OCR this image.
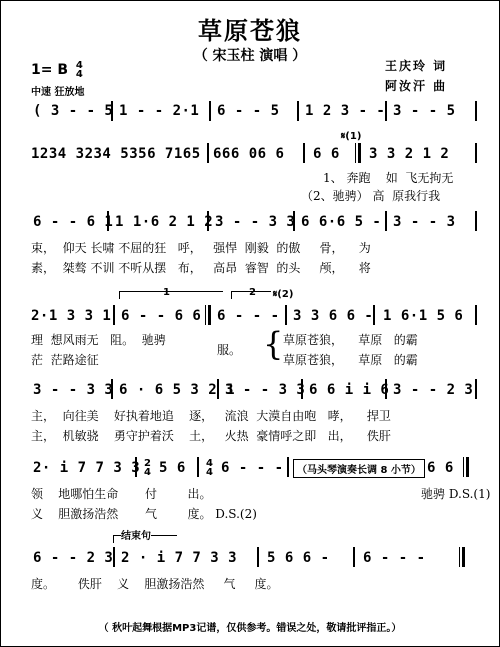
草原苍狼
（ 宋玉柱 演唱 ）
1= B 4
4
中速 狂放地
王庆玲 词
阿汝汗 曲
( 3 - - 5 1 - - 2·1 6 - - 5 1 2 3 - - 3 - - 5
𝄋(1)
1234 3234 5356 7165 666 06 6 6 6 3 3 2 1 2
1、 奔跑    如  飞无拘无
（2、驰骋） 高  原我行我
6 - - 6 1 1 1·6 2 1 2 3 - - 3 3 6 6·6 5 - 3 - - 3
束，  仰天 长啸 不屈的狂   呼，   强悍  刚毅  的傲     骨，    为
素，  桀骜 不训 不听从摆   布，   高昂  睿智  的头     颅，    将
1	2 𝄋(2)
2·1 3 3 1 6 - - 6 6 6 - - - 3 3 6 6 - 1 6·1 5 6
理  想风雨无   阻。  驰骋
茫  茫路途征
服。 { 草原苍狼，    草原   的霸
草原苍狼，    草原   的霸
3 - - 3 3 6 · 6 5 3 2 1
3 - - 3 3 6 6 i i 6 3 - - 2 3
主，  向往美    好执着地追    逐，   流浪  大漠自由咆   哮，    捍卫
主，  机敏骁    勇守护着沃    土，   火热  豪情呼之即   出，    佚肝
2· i 7 7 3 3 2
4 5 6 4
4 6 - - -	（马头琴演奏长调 8 小节） 6 6
领    地哪怕生命       付        出。
义    胆激扬浩然       气        度。 D.S.(2)
驰骋 D.S.(1)
结束句
6 - - 2 3 2 · i 7 7 3 3 5 6 6 - 6 - - -
度。      佚肝    义    胆激扬浩然     气     度。
（ 秋叶起舞根据MP3记谱，仅供参考。错误之处，敬请批评指正。）
